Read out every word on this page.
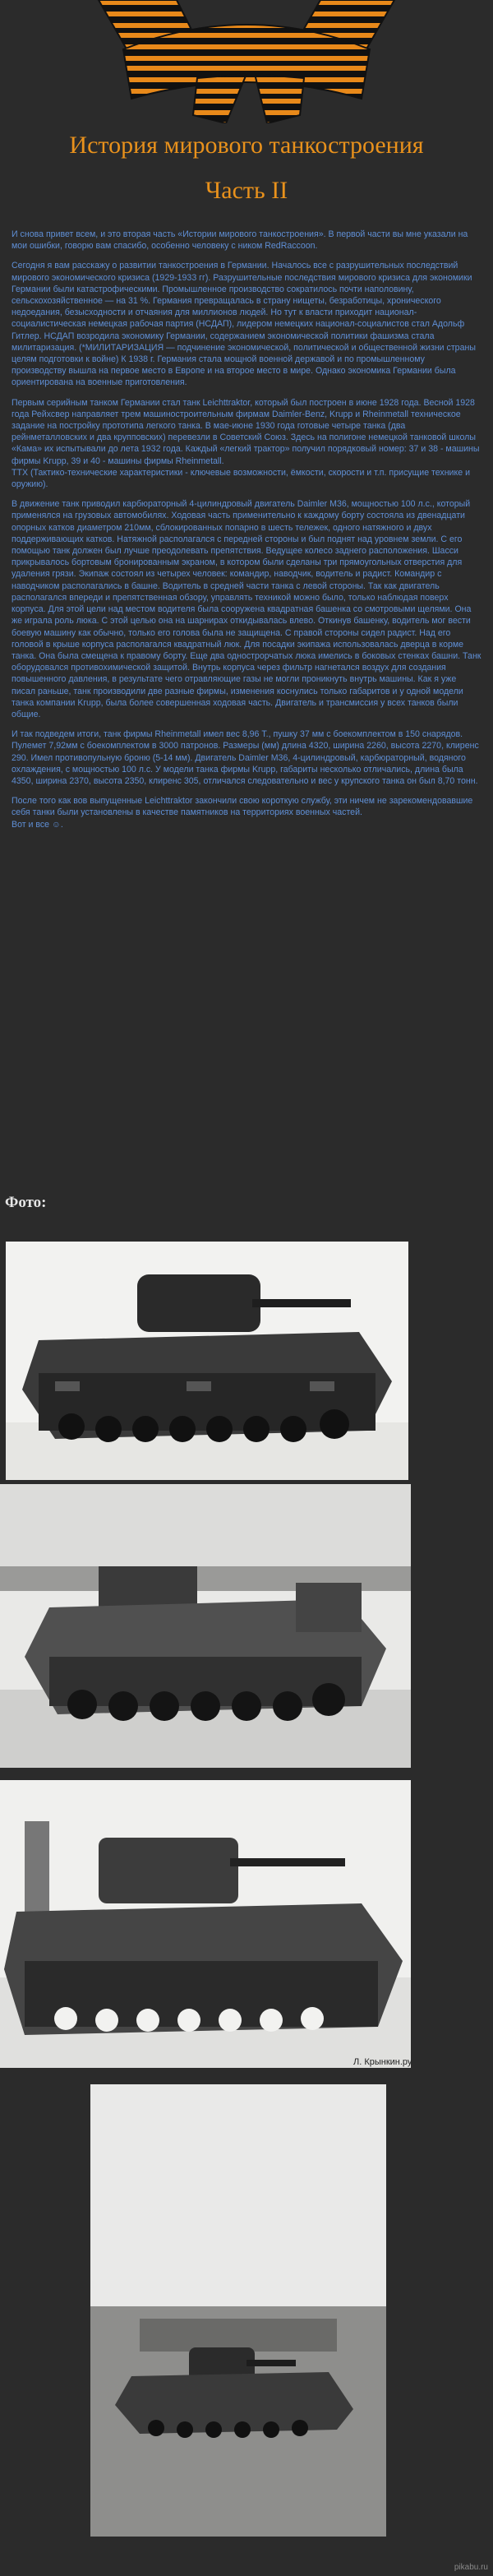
История мирового танкостроения
Часть II

И снова привет всем, и это вторая часть «Истории мирового танкостроения». В первой части вы мне указали на мои ошибки, говорю вам спасибо, особенно человеку с ником RedRaccoon.

Сегодня я вам расскажу о развитии танкостроения в Германии. Началось все с разрушительных последствий мирового экономического кризиса (1929-1933 гг). Разрушительные последствия мирового кризиса для экономики Германии были катастрофическими. Промышленное производство сократилось почти наполовину, сельскохозяйственное — на 31 %. Германия превращалась в страну нищеты, безработицы, хронического недоедания, безысходности и отчаяния для миллионов людей. Но тут к власти приходит национал-социалистическая немецкая рабочая партия (НСДАП), лидером немецких национал-социалистов стал Адольф Гитлер. НСДАП возродила экономику Германии, содержанием экономической политики фашизма стала милитаризация. (*МИЛИТАРИЗАЦИЯ — подчинение экономической, политической и общественной жизни страны целям подготовки к войне) К 1938 г. Германия стала мощной военной державой и по промышленному производству вышла на первое место в Европе и на второе место в мире. Однако экономика Германии была ориентирована на военные приготовления.

Первым серийным танком Германии стал танк Leichttraktor, который был построен в июне 1928 года. Весной 1928 года Рейхсвер направляет трем машиностроительным фирмам Daimler-Benz, Krupp и Rheinmetall техническое задание на постройку прототипа легкого танка. В мае-июне 1930 года готовые четыре танка (два рейнметалловских и два крупповских) перевезли в Советский Союз. Здесь на полигоне немецкой танковой школы «Кама» их испытывали до лета 1932 года. Каждый «легкий трактор» получил порядковый номер: 37 и 38 - машины фирмы Krupp, 39 и 40 - машины фирмы Rheinmetall.

ТТХ (Тактико-технические характеристики - ключевые возможности, ёмкости, скорости и т.п. присущие технике и оружию).

В движение танк приводил карбюраторный 4-цилиндровый двигатель Daimler M36, мощностью 100 л.с., который применялся на грузовых автомобилях. Ходовая часть применительно к каждому борту состояла из двенадцати опорных катков диаметром 210мм, сблокированных попарно в шесть тележек, одного натяжного и двух поддерживающих катков. Натяжной располагался с передней стороны и был поднят над уровнем земли. С его помощью танк должен был лучше преодолевать препятствия. Ведущее колесо заднего расположения. Шасси прикрывалось бортовым бронированным экраном, в котором были сделаны три прямоугольных отверстия для удаления грязи. Экипаж состоял из четырех человек: командир, наводчик, водитель и радист. Командир с наводчиком располагались в башне. Водитель в средней части танка с левой стороны. Так как двигатель располагался впереди и препятственная обзору, управлять техникой можно было, только наблюдая поверх корпуса. Для этой цели над местом водителя была сооружена квадратная башенка со смотровыми щелями. Она же играла роль люка. С этой целью она на шарнирах откидывалась влево. Откинув башенку, водитель мог вести боевую машину как обычно, только его голова была не защищена. С правой стороны сидел радист. Над его головой в крыше корпуса располагался квадратный люк. Для посадки экипажа использовалась дверца в корме танка. Она была смещена к правому борту. Еще два однострорчатых люка имелись в боковых стенках башни. Танк оборудовался противохимической защитой. Внутрь корпуса через фильтр нагнетался воздух для создания повышенного давления, в результате чего отравляющие газы не могли проникнуть внутрь машины. Как я уже писал раньше, танк производили две разные фирмы, изменения коснулись только габаритов и у одной модели танка компании Krupp, была более совершенная ходовая часть. Двигатель и трансмиссия у всех танков были общие.

И так подведем итоги, танк фирмы Rheinmetall имел вес 8,96 Т., пушку 37 мм с боекомплектом в 150 снарядов. Пулемет 7,92мм с боекомплектом в 3000 патронов. Размеры (мм) длина 4320, ширина 2260, высота 2270, клиренс 290. Имел противопульную броню (5-14 мм). Двигатель Daimler M36, 4-цилиндровый, карбюраторный, водяного охлаждения, с мощностью 100 л.с. У модели танка фирмы Krupp, габариты несколько отличались, длина была 4350, ширина 2370, высота 2350, клиренс 305, отличался следовательно и вес у крупского танка он был 8,70 тонн.

После того как вов выпущенные Leichttraktor закончили свою короткую службу, эти ничем не зарекомендовавшие себя танки были установлены в качестве памятников на территориях военных частей.

Вот и все ☺.

Фото:
Л. Крынкин.ру
pikabu.ru
